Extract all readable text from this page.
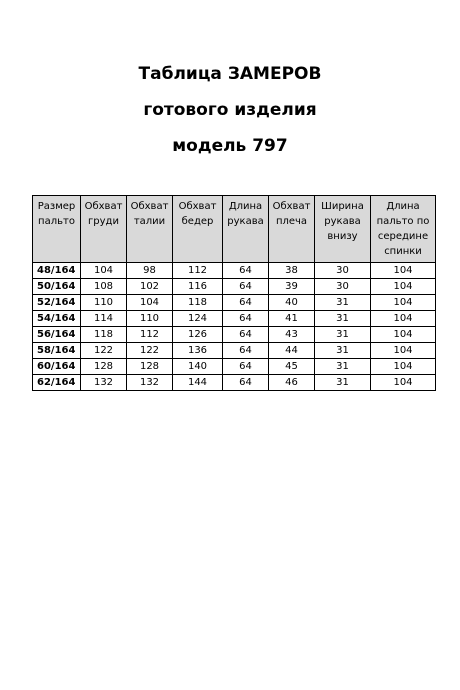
Таблица ЗАМЕРОВ
готового изделия
модель 797
Размер пальто	Обхват груди	Обхват талии	Обхват бедер	Длина рукава	Обхват плеча	Ширина рукава внизу	Длина пальто по середине спинки
48/164	104	98	112	64	38	30	104
50/164	108	102	116	64	39	30	104
52/164	110	104	118	64	40	31	104
54/164	114	110	124	64	41	31	104
56/164	118	112	126	64	43	31	104
58/164	122	122	136	64	44	31	104
60/164	128	128	140	64	45	31	104
62/164	132	132	144	64	46	31	104
